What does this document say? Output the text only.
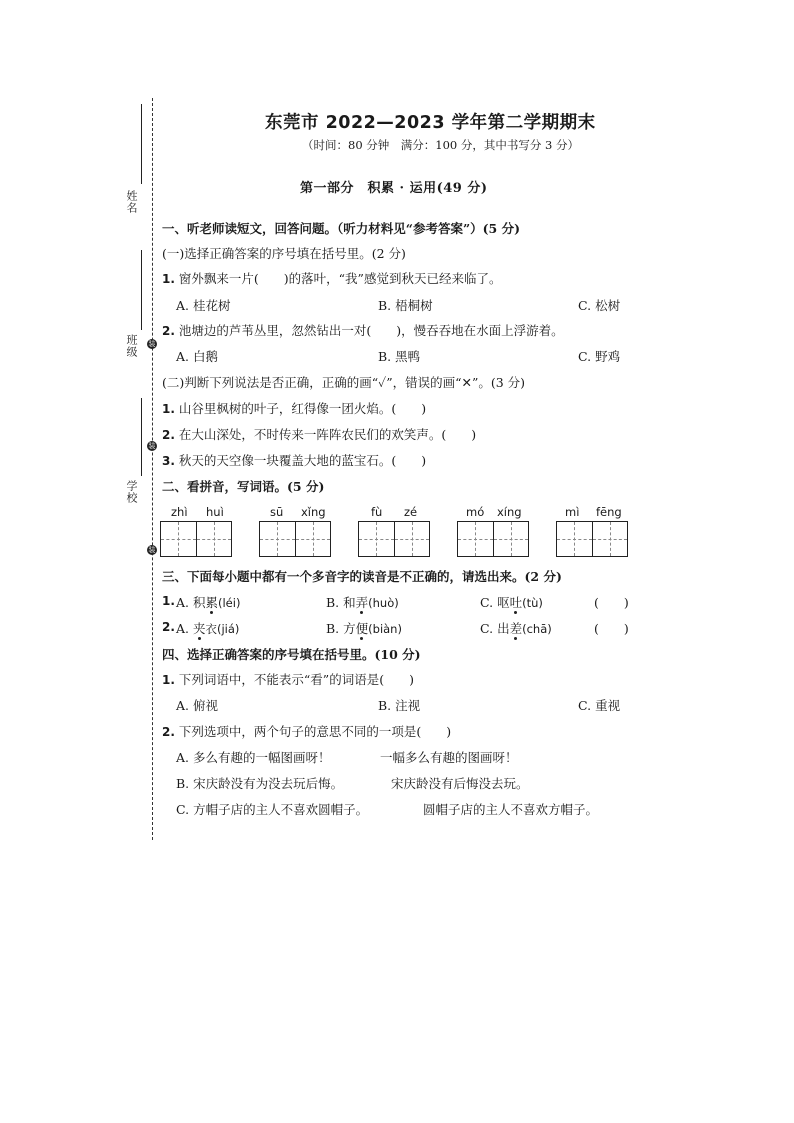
姓名
班级
学校
装
装
装
东莞市 2022—2023 学年第二学期期末
（时间：80 分钟　满分：100 分，其中书写分 3 分）
第一部分　积累 · 运用(49 分)
一、听老师读短文，回答问题。（听力材料见“参考答案”）(5 分)
(一)选择正确答案的序号填在括号里。(2 分)
1. 窗外飘来一片(　　)的落叶，“我”感觉到秋天已经来临了。
A. 桂花树	B. 梧桐树	C. 松树
2. 池塘边的芦苇丛里，忽然钻出一对(　　)，慢吞吞地在水面上浮游着。
A. 白鹅	B. 黑鸭	C. 野鸡
(二)判断下列说法是否正确，正确的画“✓”，错误的画“✕”。(3 分)
1. 山谷里枫树的叶子，红得像一团火焰。(　　)
2. 在大山深处，不时传来一阵阵农民们的欢笑声。(　　)
3. 秋天的天空像一块覆盖大地的蓝宝石。(　　)
二、看拼音，写词语。(5 分)
zhì huì	sū xǐng	fù zé	mó xíng	mì fēng
三、下面每小题中都有一个多音字的读音是不正确的，请选出来。(2 分)
1. A. 积累(léi)	B. 和弄(huò)	C. 呕吐(tù)	(　　)
2. A. 夹衣(jiá)	B. 方便(biàn)	C. 出差(chā)	(　　)
四、选择正确答案的序号填在括号里。(10 分)
1. 下列词语中，不能表示“看”的词语是(　　)
A. 俯视	B. 注视	C. 重视
2. 下列选项中，两个句子的意思不同的一项是(　　)
A. 多么有趣的一幅图画呀！	一幅多么有趣的图画呀！
B. 宋庆龄没有为没去玩后悔。	宋庆龄没有后悔没去玩。
C. 方帽子店的主人不喜欢圆帽子。	圆帽子店的主人不喜欢方帽子。
